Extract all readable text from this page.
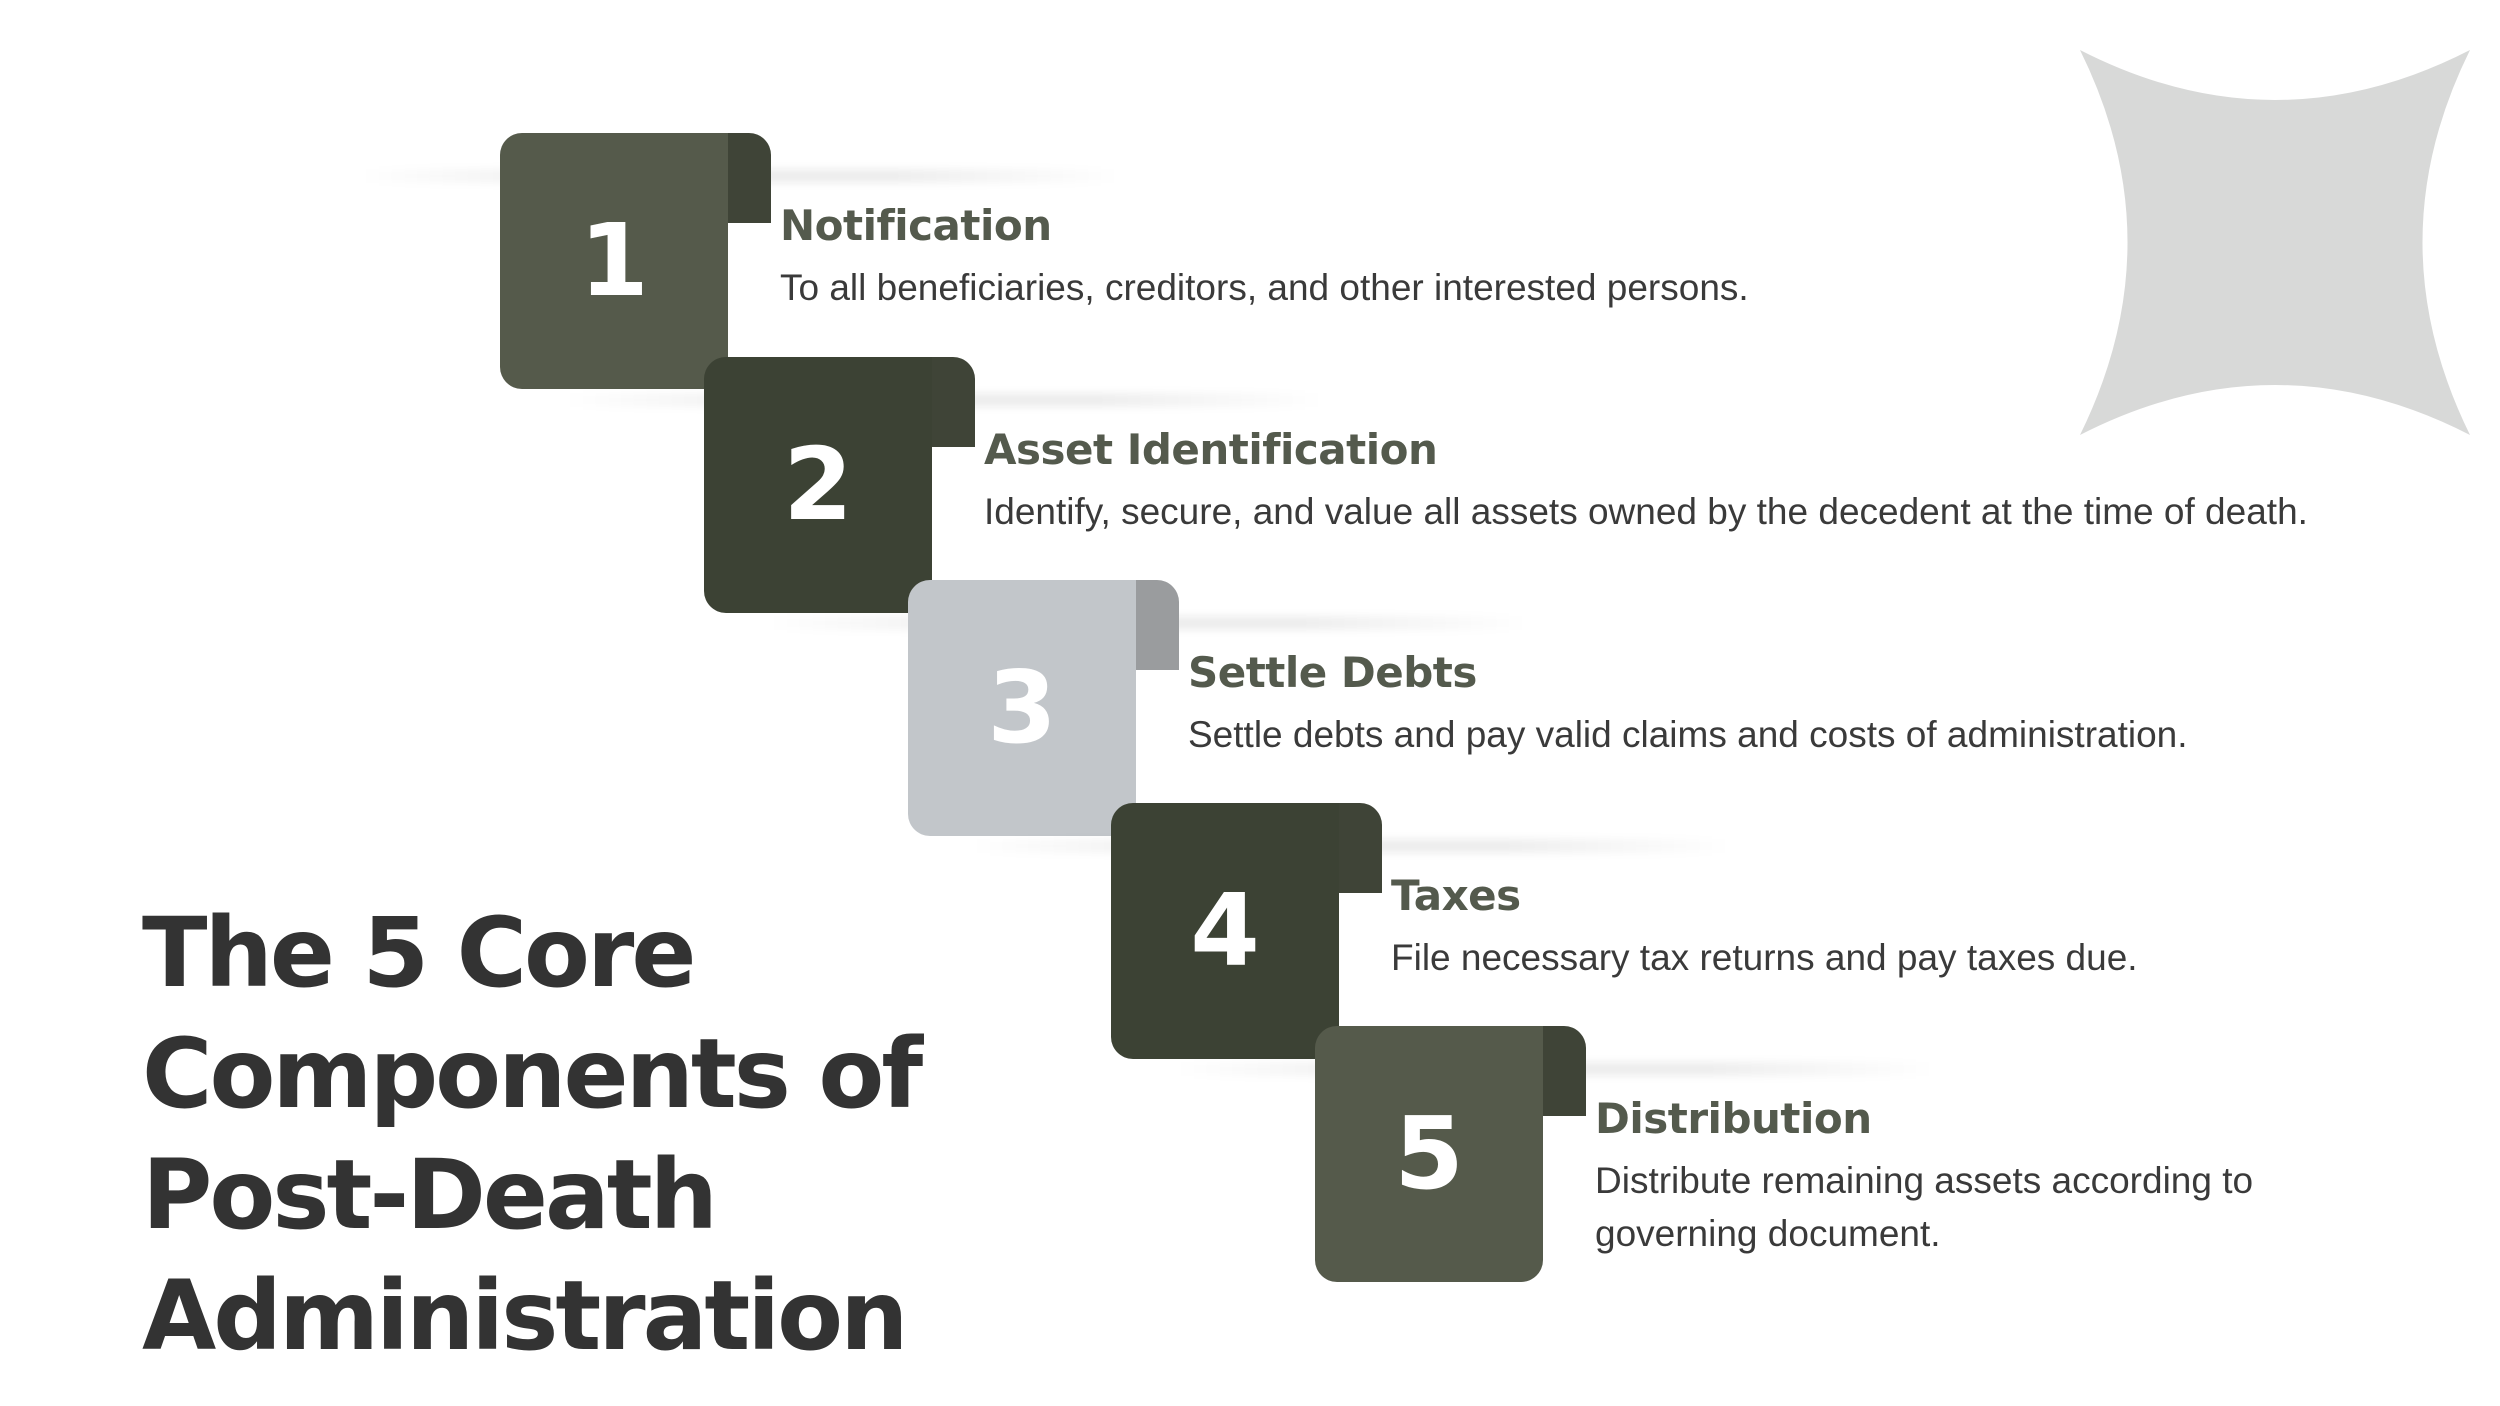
1	Notification
To all beneficiaries, creditors, and other interested persons.
2	Asset Identification
Identify, secure, and value all assets owned by the decedent at the time of death.
3	Settle Debts
Settle debts and pay valid claims and costs of administration.
4	Taxes
File necessary tax returns and pay taxes due.
5	Distribution
Distribute remaining assets according to governing document.
The 5 Core Components of Post-Death Administration
